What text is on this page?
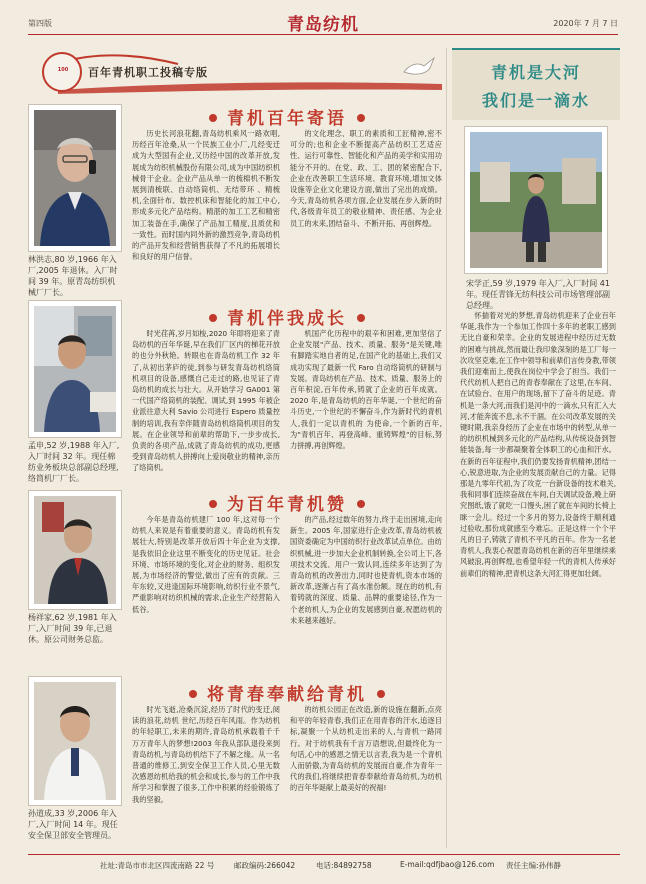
第四版	青岛纺机	2020年 7 月 7 日
100	百年青机职工投稿专版
林洪志,80 岁,1966 年入厂,2005 年退休。入厂时间 39 年。原青岛纺织机械厂厂长。
青机百年寄语
历史长河浪花翻,青岛纺机乘风一路欢唱,历经百年沧桑,从一个民族工业小厂,几经变迁成为大型国有企业,又历经中国的改革开放,发展成为纺织机械股份有限公司,成为中国纺织机械骨干企业。企业产品从单一的梳棉机不断发展到清梳联、自动络筒机、无结带环 、精梳机,全面针布、数控机床和智能化的加工中心,形成多元化产品结构。精湛的加工工艺和精密加工装备在手,确保了产品加工精度,且质优和一致性。而时国内同外新的激烈竞争,青岛纺机的产品开发和经营销售获得了不凡的拓展增长和良好的用户信誉。
的文化理念、职工的素质和工匠精神,密不可分的;也和企业不断提高产品纺织工艺适应性、运行可靠性、智能化和产品的美学和实用功能分不开的。在党、政、工、团的紧密配合下,企业在改善职工生活环境、教育环境,增加文体设施等企业文化建设方面,做出了完出的成绩。今天,青岛纺机各项方面,企业发展在步入新的时代,各级青年员工的敬业精神、责任感、为企业员工的未来,团结奋斗、不断开拓、再创辉煌。
孟申,52 岁,1988 年入厂,入厂时间 32 年。现任棉纺业务板块总部副总经理,络筒机厂厂长。
青机伴我成长
时光荏苒,岁月如梭,2020 年即将迎来了青岛纺机的百年华诞,早在我们厂区内的梯花开放的也分外秋艳。转眼也在青岛纺机工作 32 年了,从初出茅庐的徒,到参与研发青岛纺机络筒机项目的设备,感慨自己走过的路,也见证了青岛纺机的成长与壮大。从开始学习 GA001 第一代国产络筒机的装配、调试,到 1995 年被企业派往意大利 Savio 公司进行 Espero 质量控制的培训,我有幸伴随青岛纺机络筒机项目的发展。在企业领导和前辈的帮助下,一步步成长,负责的各项产品,成就了青岛纺机的成功,更感受到青岛纺机人拼搏向上爱岗敬业的精神,亲历了络筒机。
机国产化历程中的艰辛和困难,更加坚信了企业发展"产品、技术、质量、服务"是关键,唯有脚踏实地自者的足,在国产化的基础上,我们又成功实现了最新一代 Faro 自动络筒机的研制与发展。青岛纺机在产品、技术、质量、服务上的百年积淀,百年传承,铸就了企业的百年成就。2020 年,是青岛纺机的百年华诞,一个世纪的奋斗历史,一个世纪的不懈奋斗,作为新时代的青机人,我们一定以青机的 为使命,一个新的百年,为"青机百年、再登高峰、重铸辉煌"的目标,努力拼搏,再创辉煌。
杨祥家,62 岁,1981 年入厂,入厂时间 39 年,已退休。原公司财务总监。
为百年青机赞
今年是青岛纺机建厂 100 年,这对每一个纺机人来说是有着重要的意义。青岛纺机有发展壮大,特别是改革开放后四十年企业为支撑,是我依旧企业这里不断变化的历史见证。社会环境、市场环境的变化,对企业的财务、组织发展,为市场经济的警觉,做出了应有的贡献。三年东较,又进逢国际环境影响,纺织行业不景气,严重影响对纺织机械的需求,企业生产经营陷入低谷。
的产品,经过数年的努力,终于走出困境,走向新生。2005 年,国家进行企业改革,青岛纺机被国资委确定为中国纺织行业改革试点单位。由纺织机械,进一步加大企业机制转换,全公司上下,各项技术交流、用户一致认同,连续多年达到了为青岛纺机的改善出力,同时也使青机,资本市场的新改革,逐渐占有了高水准份额。现在的纺机,有着铸就的深度、质量、品牌的重要途径,作为一个老纺机人,为企业的发展感到自豪,祝愿纺机的未来越来越好。
孙道成,33 岁,2006 年入厂,入厂时间 14 年。现任安全保卫部安全管理员。
将青春奉献给青机
时光飞逝,沧桑沉淀,经历了时代的变迁,阅读的浪花,纺机 世纪,历经百年风雨。作为纺机的年轻职工,未来的期许,青岛纺机承载着千千万万青年人的梦想!2003 年我从部队退役来到青岛纺机,与青岛纺机结下了不解之缘。从一名普通的维修工,到安全保卫工作人员,心里无数次感恩纺机给我的机会和成长,参与的工作中我所学习和掌握了很多,工作中积累的经验锻炼了我的坚毅。
的纺机公园正在改造,新的设施在翻新,点亮和平的年轻青春,我们正在用青春的汗水,追逐目标,凝聚一个从纺机走出来的人,与青机一路同行。对于纺机我有千言万语想说,但最终化为一句话,心中的感恩之情无以言表,我为是一个青机人而骄傲,为青岛纺机的发展而自豪,作为青年一代的我们,将继续把青春奉献给青岛纺机,为纺机的百年华诞献上最美好的祝福!
青机是大河
我们是一滴水
宋学正,59 岁,1979 年入厂,入厂时间 41 年。现任青锋无纺科技公司市场管理部副总经理。
怀揣着对光的梦想,青岛纺机迎来了企业百年华诞,我作为一个参加工作四十多年的老职工感到无比自豪和荣幸。企业的发展进程中经历过无数的困难与挑战,然而最让我印象深刻的是工厂每一次攻坚克难,在工作中领导和前辈们言传身教,带领我们迎难而上,使我在岗位中学会了担当。我们一代代纺机人把自己的青春奉献在了这里,在车间、在试验台、在用户的现场,留下了奋斗的足迹。青机是一条大河,而我们是河中的一滴水,只有汇入大河,才能奔流不息,永不干涸。在公司改革发展的关键时期,我亲身经历了企业在市场中的转型,从单一的纺织机械到多元化的产品结构,从传统设备到智能装备,每一步都凝聚着全体职工的心血和汗水。在新的百年征程中,我们仍要发扬青机精神,团结一心,锐意进取,为企业的发展贡献自己的力量。记得那是九零年代初,为了攻克一台新设备的技术难关,我和同事们连续奋战在车间,白天调试设备,晚上研究图纸,饿了就吃一口馒头,困了就在车间的长椅上眯一会儿。经过一个多月的努力,设备终于顺利通过验收,那份成就感至今难忘。正是这样一个个平凡的日子,铸就了青机不平凡的百年。作为一名老青机人,我衷心祝愿青岛纺机在新的百年里继续乘风破浪,再创辉煌,也希望年轻一代的青机人传承好前辈们的精神,把青机这条大河汇得更加壮阔。
社址:青岛市市北区四流南路 22 号	邮政编码:266042	电话:84892758	E-mail:qdfjbao@126.com 责任主编:孙伟静
